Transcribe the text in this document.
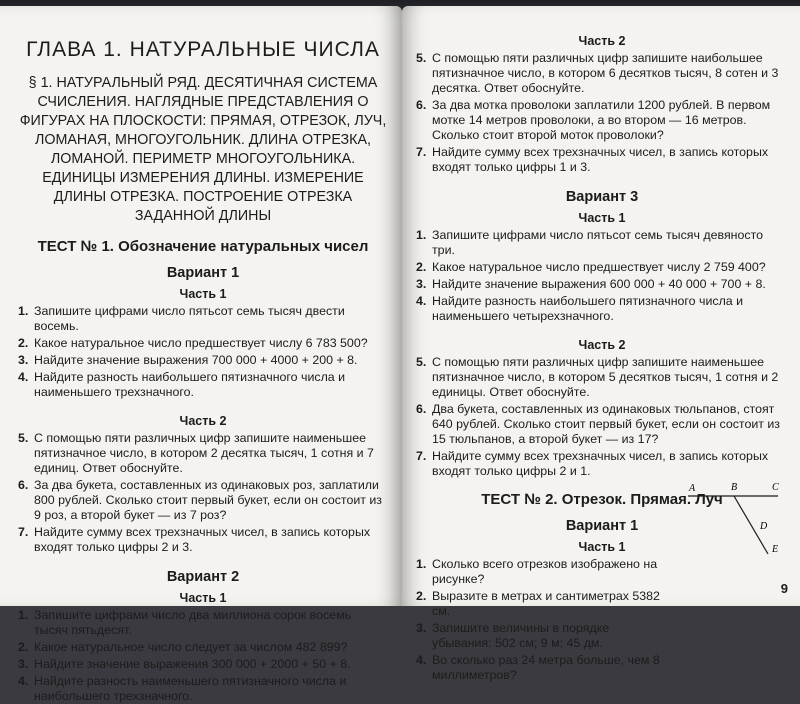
ГЛАВА 1. НАТУРАЛЬНЫЕ ЧИСЛА
§ 1. НАТУРАЛЬНЫЙ РЯД. ДЕСЯТИЧНАЯ СИСТЕМА СЧИСЛЕНИЯ. НАГЛЯДНЫЕ ПРЕДСТАВЛЕНИЯ О ФИГУРАХ НА ПЛОСКОСТИ: ПРЯМАЯ, ОТРЕЗОК, ЛУЧ, ЛОМАНАЯ, МНОГОУГОЛЬНИК. ДЛИНА ОТРЕЗКА, ЛОМАНОЙ. ПЕРИМЕТР МНОГОУГОЛЬНИКА. ЕДИНИЦЫ ИЗМЕРЕНИЯ ДЛИНЫ. ИЗМЕРЕНИЕ ДЛИНЫ ОТРЕЗКА. ПОСТРОЕНИЕ ОТРЕЗКА ЗАДАННОЙ ДЛИНЫ
ТЕСТ № 1. Обозначение натуральных чисел
Вариант 1
Часть 1
1. Запишите цифрами число пятьсот семь тысяч двести восемь.
2. Какое натуральное число предшествует числу 6 783 500?
3. Найдите значение выражения 700 000 + 4000 + 200 + 8.
4. Найдите разность наибольшего пятизначного числа и наименьшего трехзначного.
Часть 2
5. С помощью пяти различных цифр запишите наименьшее пятизначное число, в котором 2 десятка тысяч, 1 сотня и 7 единиц. Ответ обоснуйте.
6. За два букета, составленных из одинаковых роз, заплатили 800 рублей. Сколько стоит первый букет, если он состоит из 9 роз, а второй букет — из 7 роз?
7. Найдите сумму всех трехзначных чисел, в запись которых входят только цифры 2 и 3.
Вариант 2
Часть 1
1. Запишите цифрами число два миллиона сорок восемь тысяч пятьдесят.
2. Какое натуральное число следует за числом 482 899?
3. Найдите значение выражения 300 000 + 2000 + 50 + 8.
4. Найдите разность наименьшего пятизначного числа и наибольшего трехзначного.
Часть 2
5. С помощью пяти различных цифр запишите наибольшее пятизначное число, в котором 6 десятков тысяч, 8 сотен и 3 десятка. Ответ обоснуйте.
6. За два мотка проволоки заплатили 1200 рублей. В первом мотке 14 метров проволоки, а во втором — 16 метров. Сколько стоит второй моток проволоки?
7. Найдите сумму всех трехзначных чисел, в запись которых входят только цифры 1 и 3.
Вариант 3
Часть 1
1. Запишите цифрами число пятьсот семь тысяч девяносто три.
2. Какое натуральное число предшествует числу 2 759 400?
3. Найдите значение выражения 600 000 + 40 000 + 700 + 8.
4. Найдите разность наибольшего пятизначного числа и наименьшего четырехзначного.
Часть 2
5. С помощью пяти различных цифр запишите наименьшее пятизначное число, в котором 5 десятков тысяч, 1 сотня и 2 единицы. Ответ обоснуйте.
6. Два букета, составленных из одинаковых тюльпанов, стоят 640 рублей. Сколько стоит первый букет, если он состоит из 15 тюльпанов, а второй букет — из 17?
7. Найдите сумму всех трехзначных чисел, в запись которых входят только цифры 2 и 1.
ТЕСТ № 2. Отрезок. Прямая. Луч
Вариант 1
Часть 1
1. Сколько всего отрезков изображено на рисунке?
2. Выразите в метрах и сантиметрах 5382 см.
3. Запишите величины в порядке убывания: 502 см; 9 м; 45 дм.
4. Во сколько раз 24 метра больше, чем 8 миллиметров?
A	B	C
D
E
9
